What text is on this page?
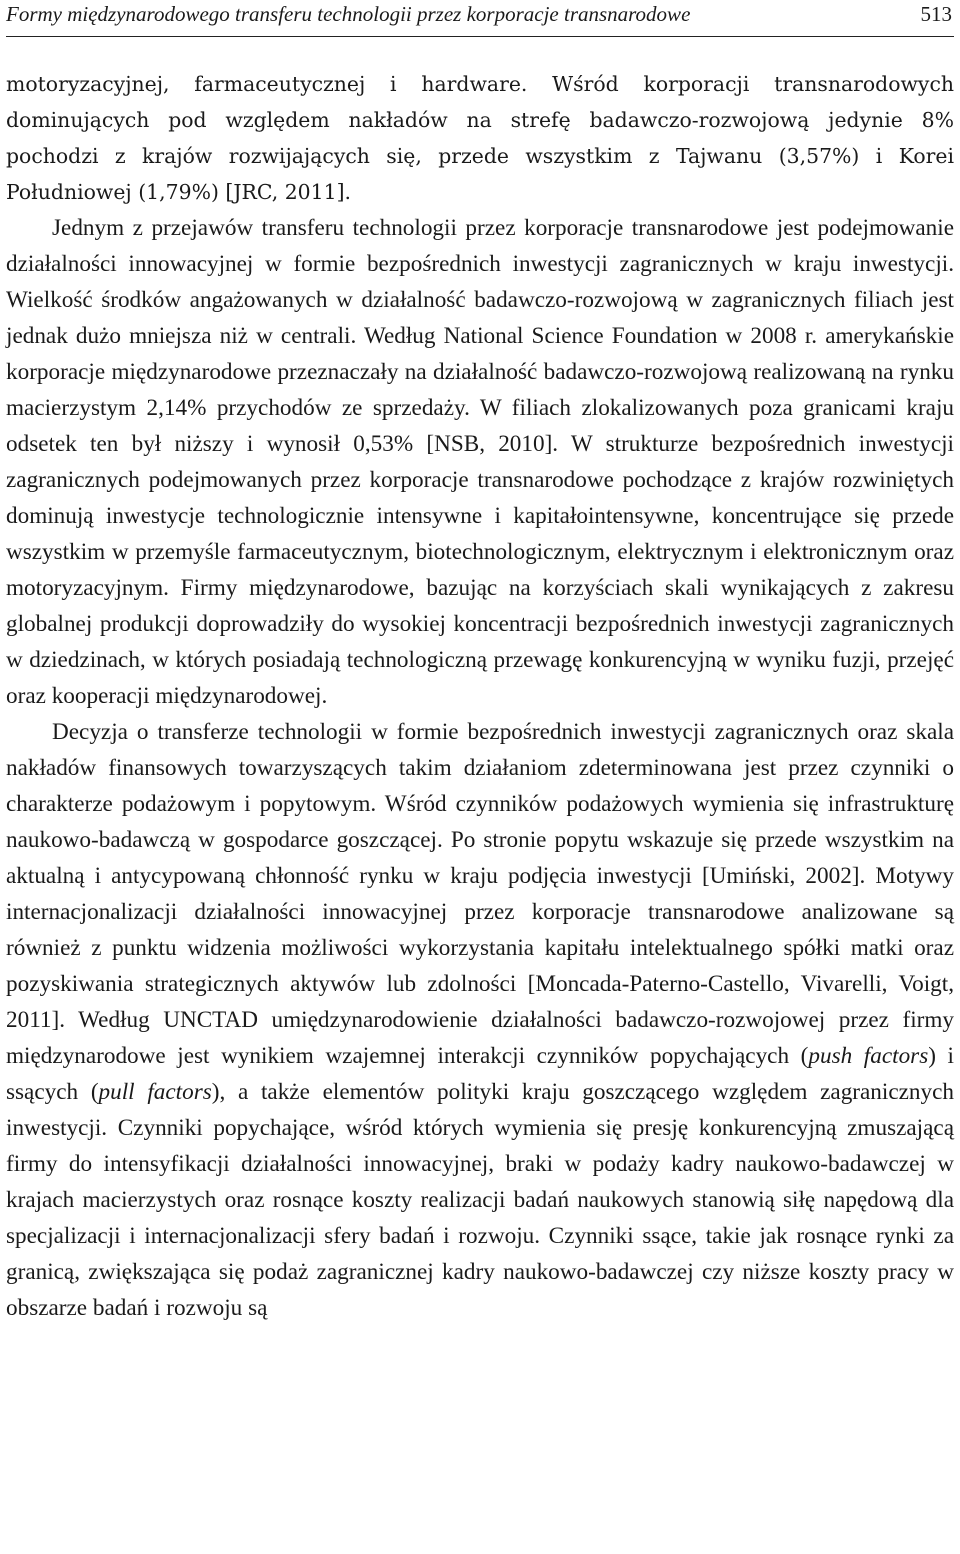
Formy międzynarodowego transferu technologii przez korporacje transnarodowe	513

motoryzacyjnej, farmaceutycznej i hardware. Wśród korporacji transnarodowych dominujących pod względem nakładów na strefę badawczo-rozwojową jedynie 8% pochodzi z krajów rozwijających się, przede wszystkim z Tajwanu (3,57%) i Korei Południowej (1,79%) [JRC, 2011].

Jednym z przejawów transferu technologii przez korporacje transnarodowe jest podejmowanie działalności innowacyjnej w formie bezpośrednich inwestycji zagranicznych w kraju inwestycji. Wielkość środków angażowanych w działalność badawczo-rozwojową w zagranicznych filiach jest jednak dużo mniejsza niż w centrali. Według National Science Foundation w 2008 r. amerykańskie korporacje międzynarodowe przeznaczały na działalność badawczo-rozwojową realizowaną na rynku macierzystym 2,14% przychodów ze sprzedaży. W filiach zlokalizowanych poza granicami kraju odsetek ten był niższy i wynosił 0,53% [NSB, 2010]. W strukturze bezpośrednich inwestycji zagranicznych podejmowanych przez korporacje transnarodowe pochodzące z krajów rozwiniętych dominują inwestycje technologicznie intensywne i kapitałointensywne, koncentrujące się przede wszystkim w przemyśle farmaceutycznym, biotechnologicznym, elektrycznym i elektronicznym oraz motoryzacyjnym. Firmy międzynarodowe, bazując na korzyściach skali wynikających z zakresu globalnej produkcji doprowadziły do wysokiej koncentracji bezpośrednich inwestycji zagranicznych w dziedzinach, w których posiadają technologiczną przewagę konkurencyjną w wyniku fuzji, przejęć oraz kooperacji międzynarodowej.

Decyzja o transferze technologii w formie bezpośrednich inwestycji zagranicznych oraz skala nakładów finansowych towarzyszących takim działaniom zdeterminowana jest przez czynniki o charakterze podażowym i popytowym. Wśród czynników podażowych wymienia się infrastrukturę naukowo-badawczą w gospodarce goszczącej. Po stronie popytu wskazuje się przede wszystkim na aktualną i antycypowaną chłonność rynku w kraju podjęcia inwestycji [Umiński, 2002]. Motywy internacjonalizacji działalności innowacyjnej przez korporacje transnarodowe analizowane są również z punktu widzenia możliwości wykorzystania kapitału intelektualnego spółki matki oraz pozyskiwania strategicznych aktywów lub zdolności [Moncada-Paterno-Castello, Vivarelli, Voigt, 2011]. Według UNCTAD umiędzynarodowienie działalności badawczo-rozwojowej przez firmy międzynarodowe jest wynikiem wzajemnej interakcji czynników popychających (push factors) i ssących (pull factors), a także elementów polityki kraju goszczącego względem zagranicznych inwestycji. Czynniki popychające, wśród których wymienia się presję konkurencyjną zmuszającą firmy do intensyfikacji działalności innowacyjnej, braki w podaży kadry naukowo-badawczej w krajach macierzystych oraz rosnące koszty realizacji badań naukowych stanowią siłę napędową dla specjalizacji i internacjonalizacji sfery badań i rozwoju. Czynniki ssące, takie jak rosnące rynki za granicą, zwiększająca się podaż zagranicznej kadry naukowo-badawczej czy niższe koszty pracy w obszarze badań i rozwoju są
